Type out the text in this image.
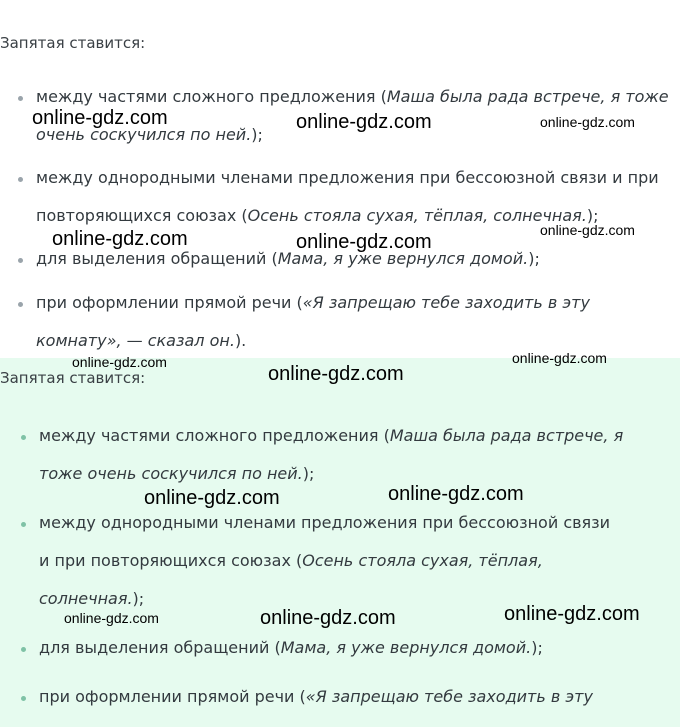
Запятая ставится:
между частями сложного предложения (Маша была рада встрече, я тоже
очень соскучился по ней.);
между однородными членами предложения при бессоюзной связи и при
повторяющихся союзах (Осень стояла сухая, тёплая, солнечная.);
для выделения обращений (Мама, я уже вернулся домой.);
при оформлении прямой речи («Я запрещаю тебе заходить в эту
комнату», — сказал он.).
Запятая ставится:
между частями сложного предложения (Маша была рада встрече, я
тоже очень соскучился по ней.);
между однородными членами предложения при бессоюзной связи
и при повторяющихся союзах (Осень стояла сухая, тёплая,
солнечная.);
для выделения обращений (Мама, я уже вернулся домой.);
при оформлении прямой речи («Я запрещаю тебе заходить в эту
online-gdz.com	online-gdz.com	online-gdz.com
online-gdz.com	online-gdz.com
online-gdz.com
online-gdz.com
online-gdz.com
online-gdz.com
online-gdz.com	online-gdz.com
online-gdz.com	online-gdz.com	online-gdz.com
